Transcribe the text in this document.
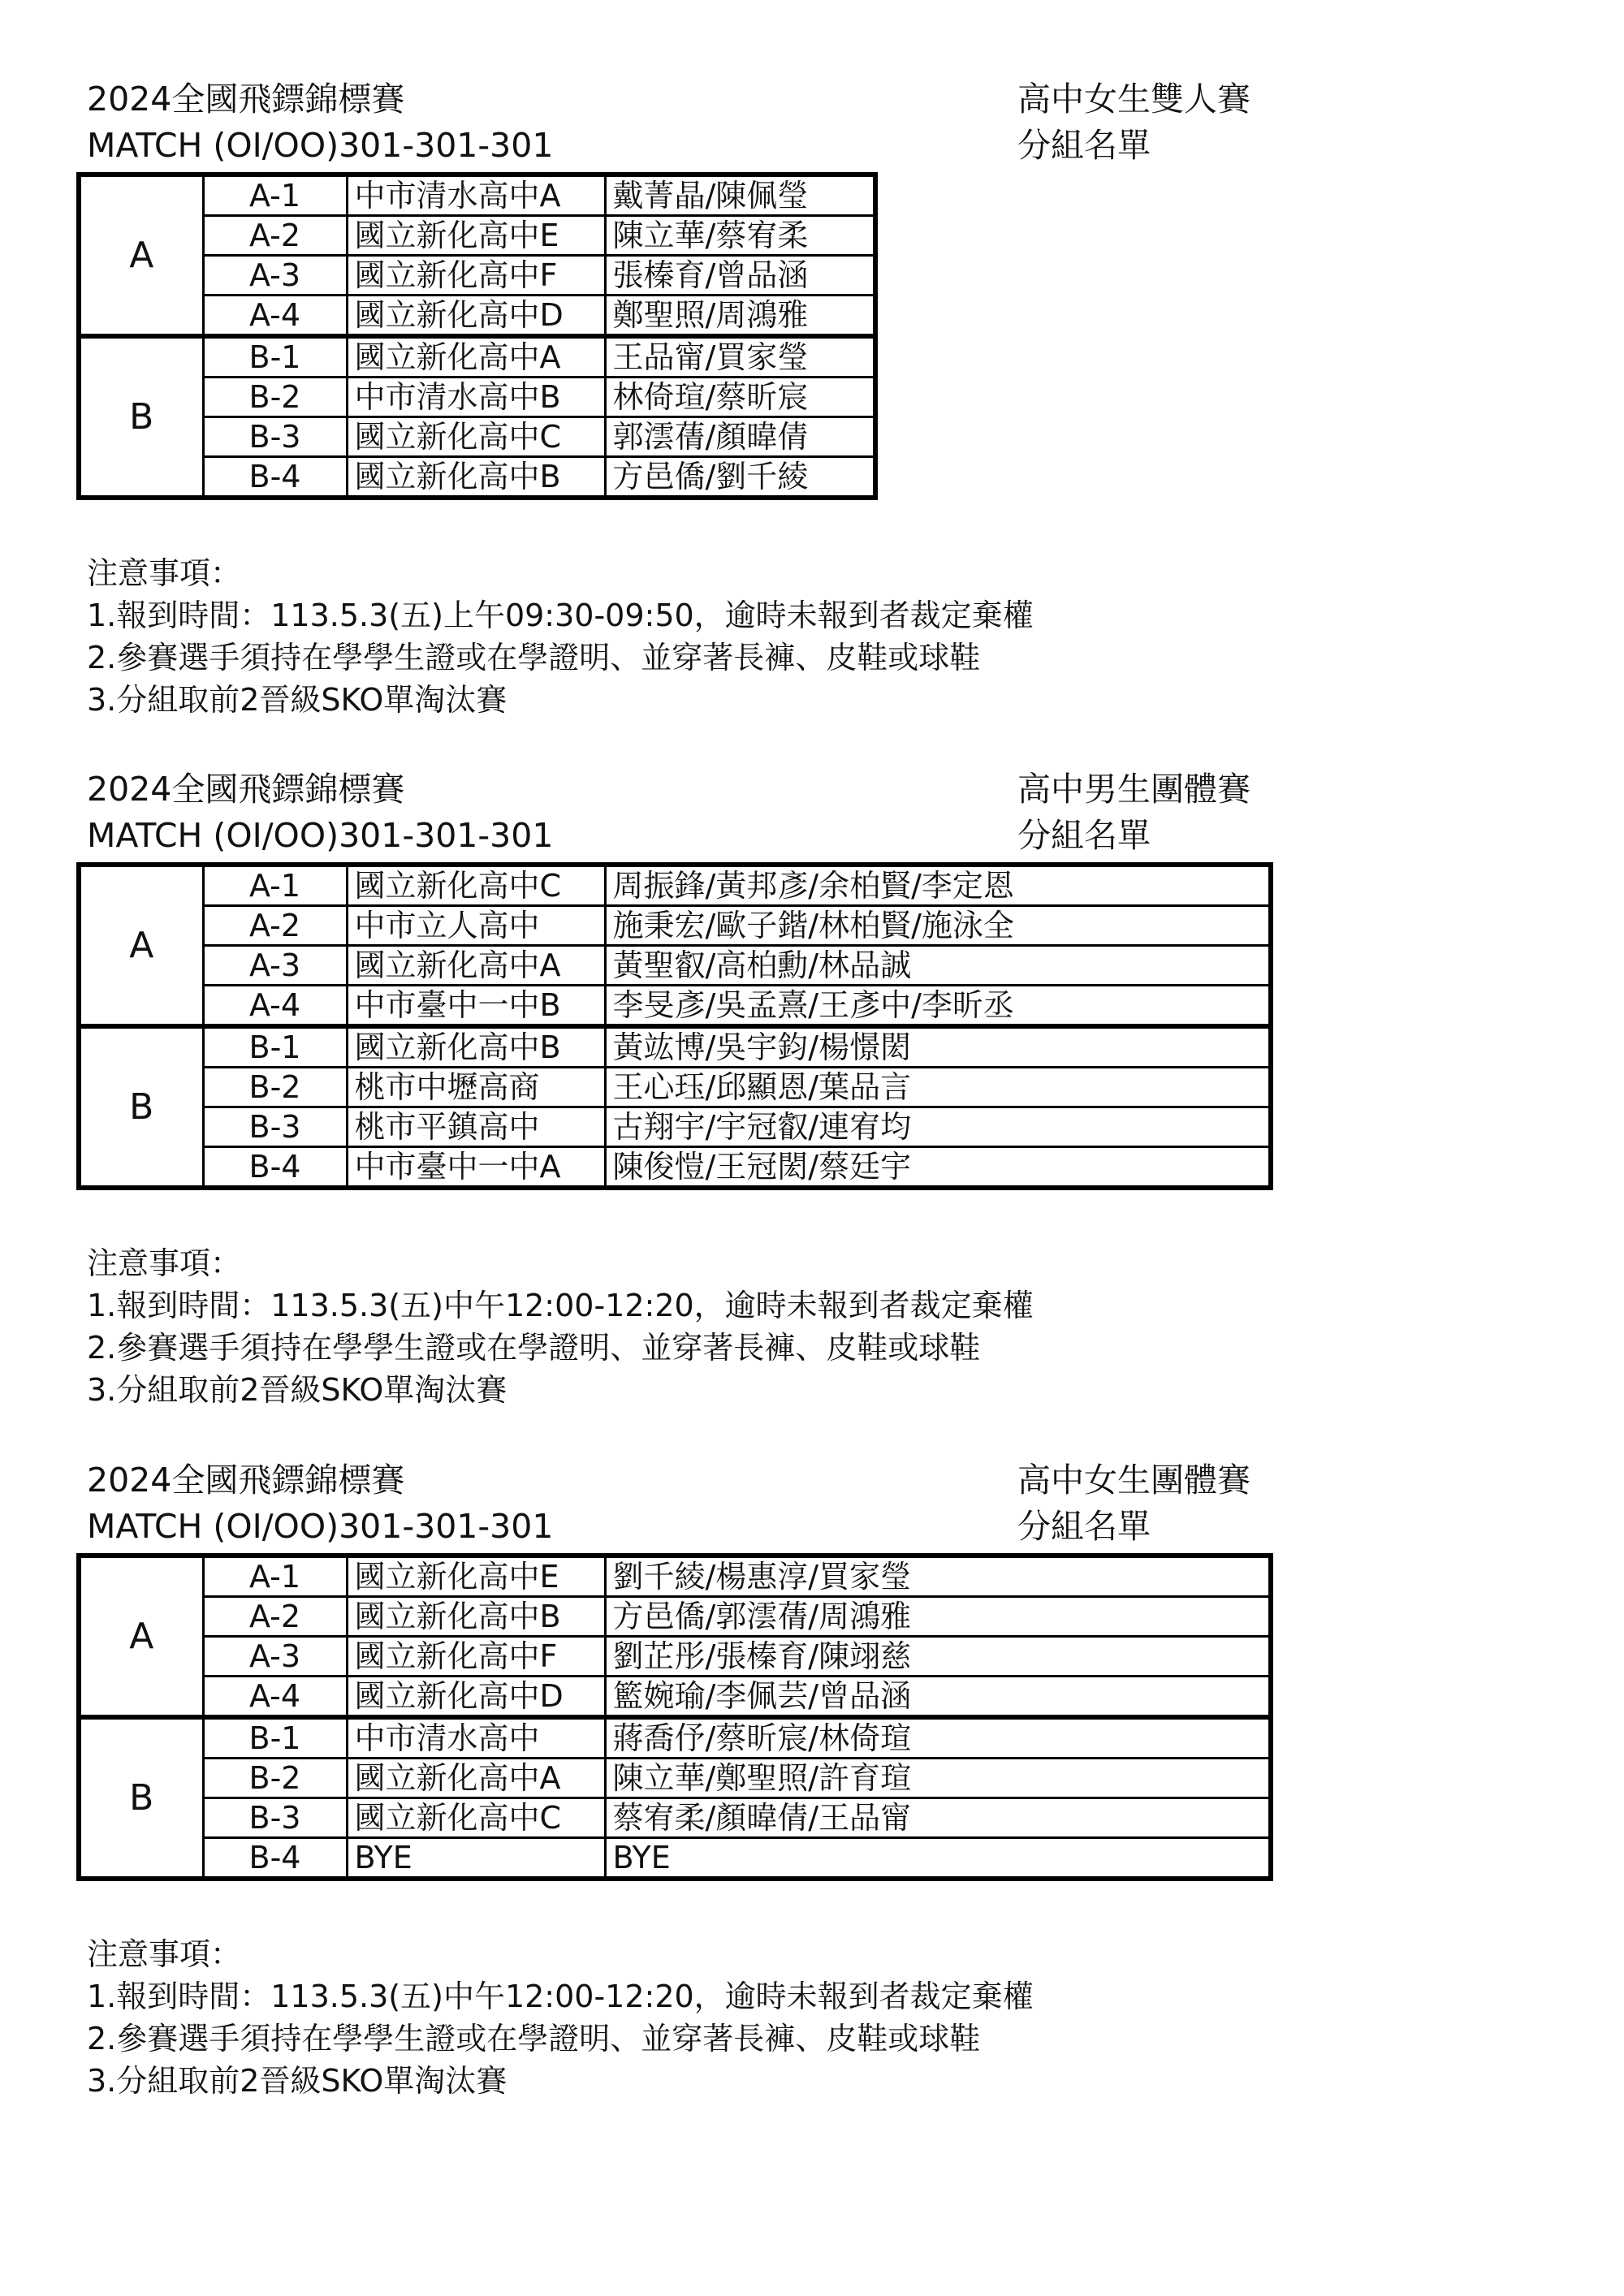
2024全國飛鏢錦標賽	高中女生雙人賽
MATCH (OI/OO)301-301-301	分組名單
A	A-1	中市清水高中A	戴菁晶/陳佩瑩
	A-2	國立新化高中E	陳立華/蔡宥柔
	A-3	國立新化高中F	張榛育/曾品涵
	A-4	國立新化高中D	鄭聖照/周鴻雅
B	B-1	國立新化高中A	王品甯/買家瑩
	B-2	中市清水高中B	林倚瑄/蔡昕宸
	B-3	國立新化高中C	郭澐蒨/顏暐倩
	B-4	國立新化高中B	方邑僑/劉千綾
注意事項：
1.報到時間：113.5.3(五)上午09:30-09:50，逾時未報到者裁定棄權
2.參賽選手須持在學學生證或在學證明、並穿著長褲、皮鞋或球鞋
3.分組取前2晉級SKO單淘汰賽
2024全國飛鏢錦標賽	高中男生團體賽
MATCH (OI/OO)301-301-301	分組名單
A	A-1	國立新化高中C	周振鋒/黃邦彥/余柏賢/李定恩
	A-2	中市立人高中	施秉宏/歐子鍇/林柏賢/施泳全
	A-3	國立新化高中A	黃聖叡/高柏勳/林品誠
	A-4	中市臺中一中B	李旻彥/吳孟熹/王彥中/李昕丞
B	B-1	國立新化高中B	黃竑博/吳宇鈞/楊憬閎
	B-2	桃市中壢高商	王心珏/邱顯恩/葉品言
	B-3	桃市平鎮高中	古翔宇/宇冠叡/連宥均
	B-4	中市臺中一中A	陳俊愷/王冠閎/蔡廷宇
注意事項：
1.報到時間：113.5.3(五)中午12:00-12:20，逾時未報到者裁定棄權
2.參賽選手須持在學學生證或在學證明、並穿著長褲、皮鞋或球鞋
3.分組取前2晉級SKO單淘汰賽
2024全國飛鏢錦標賽	高中女生團體賽
MATCH (OI/OO)301-301-301	分組名單
A	A-1	國立新化高中E	劉千綾/楊惠淳/買家瑩
	A-2	國立新化高中B	方邑僑/郭澐蒨/周鴻雅
	A-3	國立新化高中F	劉芷彤/張榛育/陳翊慈
	A-4	國立新化高中D	籃婉瑜/李佩芸/曾品涵
B	B-1	中市清水高中	蔣喬伃/蔡昕宸/林倚瑄
	B-2	國立新化高中A	陳立華/鄭聖照/許育瑄
	B-3	國立新化高中C	蔡宥柔/顏暐倩/王品甯
	B-4	BYE	BYE
注意事項：
1.報到時間：113.5.3(五)中午12:00-12:20，逾時未報到者裁定棄權
2.參賽選手須持在學學生證或在學證明、並穿著長褲、皮鞋或球鞋
3.分組取前2晉級SKO單淘汰賽
